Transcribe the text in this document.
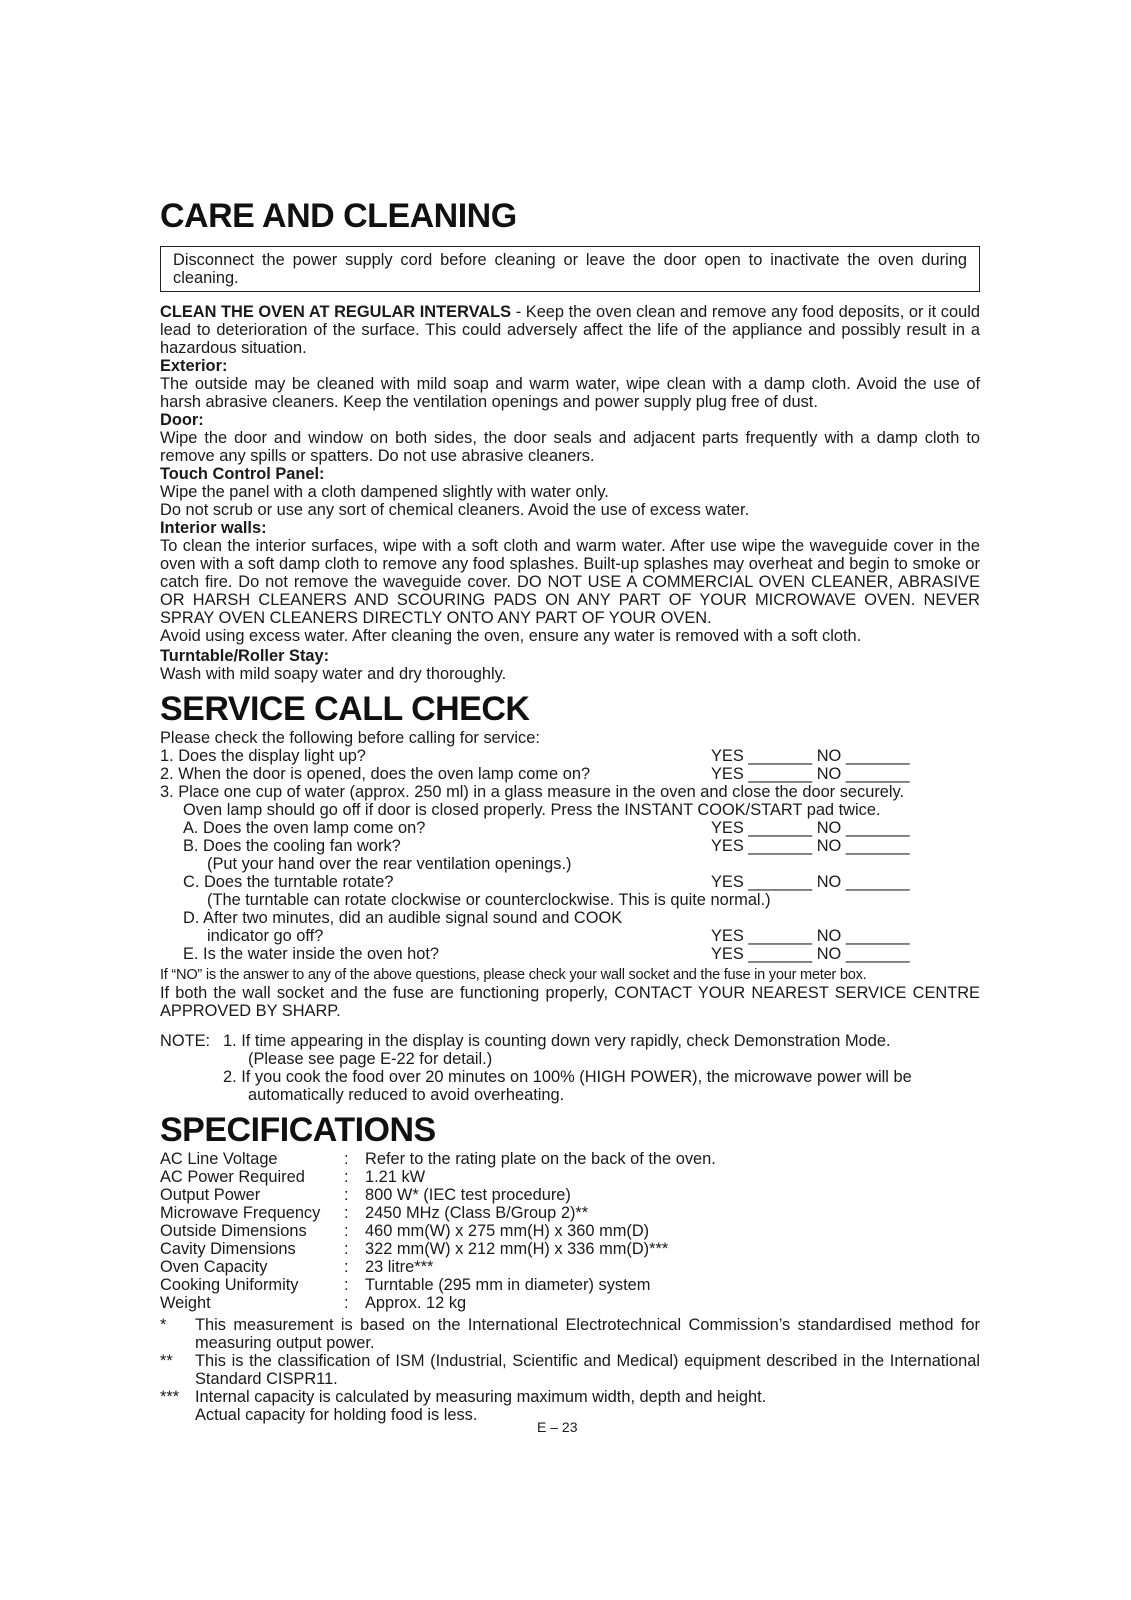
CARE AND CLEANING
Disconnect the power supply cord before cleaning or leave the door open to inactivate the oven during cleaning.

CLEAN THE OVEN AT REGULAR INTERVALS - Keep the oven clean and remove any food deposits, or it could lead to deterioration of the surface. This could adversely affect the life of the appliance and possibly result in a hazardous situation.

Exterior:

The outside may be cleaned with mild soap and warm water, wipe clean with a damp cloth. Avoid the use of harsh abrasive cleaners. Keep the ventilation openings and power supply plug free of dust.

Door:

Wipe the door and window on both sides, the door seals and adjacent parts frequently with a damp cloth to remove any spills or spatters. Do not use abrasive cleaners.

Touch Control Panel:

Wipe the panel with a cloth dampened slightly with water only.

Do not scrub or use any sort of chemical cleaners. Avoid the use of excess water.

Interior walls:

To clean the interior surfaces, wipe with a soft cloth and warm water. After use wipe the waveguide cover in the oven with a soft damp cloth to remove any food splashes. Built-up splashes may overheat and begin to smoke or catch fire. Do not remove the waveguide cover. DO NOT USE A COMMERCIAL OVEN CLEANER, ABRASIVE OR HARSH CLEANERS AND SCOURING PADS ON ANY PART OF YOUR MICROWAVE OVEN. NEVER SPRAY OVEN CLEANERS DIRECTLY ONTO ANY PART OF YOUR OVEN.

Avoid using excess water. After cleaning the oven, ensure any water is removed with a soft cloth.

Turntable/Roller Stay:

Wash with mild soapy water and dry thoroughly.

SERVICE CALL CHECK
Please check the following before calling for service:
1. Does the display light up?	YES _______ NO _______
2. When the door is opened, does the oven lamp come on?	YES _______ NO _______
3. Place one cup of water (approx. 250 ml) in a glass measure in the oven and close the door securely.
Oven lamp should go off if door is closed properly. Press the INSTANT COOK/START pad twice.
A. Does the oven lamp come on?	YES _______ NO _______
B. Does the cooling fan work?	YES _______ NO _______
(Put your hand over the rear ventilation openings.)
C. Does the turntable rotate?	YES _______ NO _______
(The turntable can rotate clockwise or counterclockwise. This is quite normal.)
D. After two minutes, did an audible signal sound and COOK
indicator go off?	YES _______ NO _______
E. Is the water inside the oven hot?	YES _______ NO _______
If “NO” is the answer to any of the above questions, please check your wall socket and the fuse in your meter box.

If both the wall socket and the fuse are functioning properly, CONTACT YOUR NEAREST SERVICE CENTRE APPROVED BY SHARP.

NOTE: 1. If time appearing in the display is counting down very rapidly, check Demonstration Mode.
(Please see page E-22 for detail.)
2. If you cook the food over 20 minutes on 100% (HIGH POWER), the microwave power will be
automatically reduced to avoid overheating.
SPECIFICATIONS
AC Line Voltage	: Refer to the rating plate on the back of the oven.
AC Power Required : 1.21 kW
Output Power	: 800 W* (IEC test procedure)
Microwave Frequency : 2450 MHz (Class B/Group 2)**
Outside Dimensions : 460 mm(W) x 275 mm(H) x 360 mm(D)
Cavity Dimensions	: 322 mm(W) x 212 mm(H) x 336 mm(D)***
Oven Capacity	: 23 litre***
Cooking Uniformity	: Turntable (295 mm in diameter) system
Weight	: Approx. 12 kg
* This measurement is based on the International Electrotechnical Commission’s standardised method for measuring output power.

** This is the classification of ISM (Industrial, Scientific and Medical) equipment described in the International Standard CISPR11.

*** Internal capacity is calculated by measuring maximum width, depth and height.

Actual capacity for holding food is less.

E – 23
